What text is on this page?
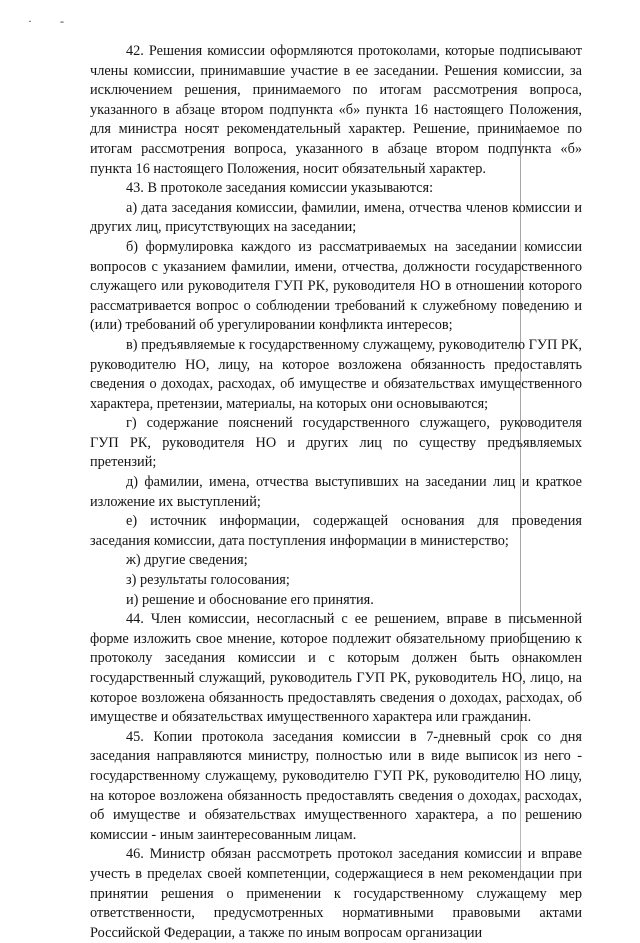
· -

42. Решения комиссии оформляются протоколами, которые подписывают члены комиссии, принимавшие участие в ее заседании. Решения комиссии, за исключением решения, принимаемого по итогам рассмотрения вопроса, указанного в абзаце втором подпункта «б» пункта 16 настоящего Положения, для министра носят рекомендательный характер. Решение, принимаемое по итогам рассмотрения вопроса, указанного в абзаце втором подпункта «б» пункта 16 настоящего Положения, носит обязательный характер.

43. В протоколе заседания комиссии указываются:

а) дата заседания комиссии, фамилии, имена, отчества членов комиссии и других лиц, присутствующих на заседании;

б) формулировка каждого из рассматриваемых на заседании комиссии вопросов с указанием фамилии, имени, отчества, должности государственного служащего или руководителя ГУП РК, руководителя НО в отношении которого рассматривается вопрос о соблюдении требований к служебному поведению и (или) требований об урегулировании конфликта интересов;

в) предъявляемые к государственному служащему, руководителю ГУП РК, руководителю НО, лицу, на которое возложена обязанность предоставлять сведения о доходах, расходах, об имуществе и обязательствах имущественного характера, претензии, материалы, на которых они основываются;

г) содержание пояснений государственного служащего, руководителя ГУП РК, руководителя НО и других лиц по существу предъявляемых претензий;

д) фамилии, имена, отчества выступивших на заседании лиц и краткое изложение их выступлений;

е) источник информации, содержащей основания для проведения заседания комиссии, дата поступления информации в министерство;

ж) другие сведения;

з) результаты голосования;

и) решение и обоснование его принятия.

44. Член комиссии, несогласный с ее решением, вправе в письменной форме изложить свое мнение, которое подлежит обязательному приобщению к протоколу заседания комиссии и с которым должен быть ознакомлен государственный служащий, руководитель ГУП РК, руководитель НО, лицо, на которое возложена обязанность предоставлять сведения о доходах, расходах, об имуществе и обязательствах имущественного характера или гражданин.

45. Копии протокола заседания комиссии в 7-дневный срок со дня заседания направляются министру, полностью или в виде выписок из него - государственному служащему, руководителю ГУП РК, руководителю НО лицу, на которое возложена обязанность предоставлять сведения о доходах, расходах, об имуществе и обязательствах имущественного характера, а по решению комиссии - иным заинтересованным лицам.

46. Министр обязан рассмотреть протокол заседания комиссии и вправе учесть в пределах своей компетенции, содержащиеся в нем рекомендации при принятии решения о применении к государственному служащему мер ответственности, предусмотренных нормативными правовыми актами Российской Федерации, а также по иным вопросам организации
